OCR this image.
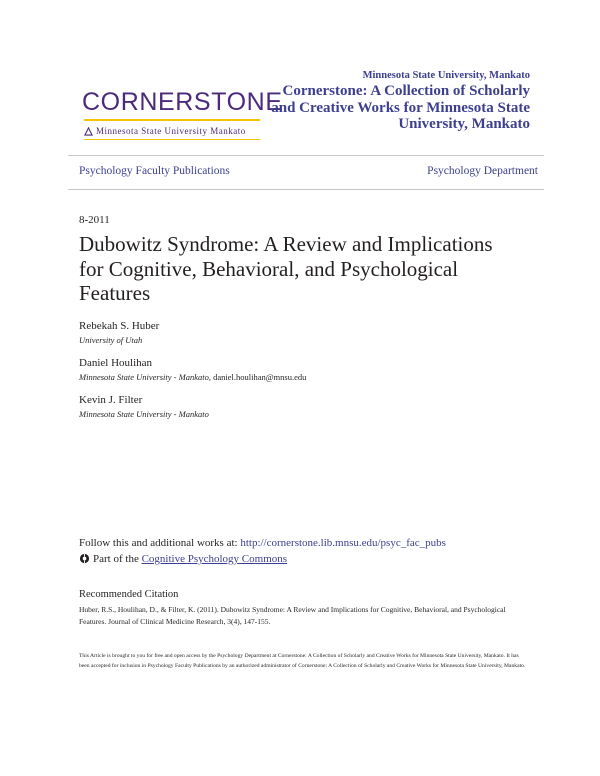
CORNERSTONE
Minnesota State University Mankato
Minnesota State University, Mankato
Cornerstone: A Collection of Scholarly and Creative Works for Minnesota State University, Mankato
Psychology Faculty Publications	Psychology Department
8-2011
Dubowitz Syndrome: A Review and Implications for Cognitive, Behavioral, and Psychological Features
Rebekah S. Huber
University of Utah
Daniel Houlihan
Minnesota State University - Mankato, daniel.houlihan@mnsu.edu
Kevin J. Filter
Minnesota State University - Mankato
Follow this and additional works at: http://cornerstone.lib.mnsu.edu/psyc_fac_pubs
Part of the Cognitive Psychology Commons
Recommended Citation
Huber, R.S., Houlihan, D., & Filter, K. (2011). Dubowitz Syndrome: A Review and Implications for Cognitive, Behavioral, and Psychological Features. Journal of Clinical Medicine Research, 3(4), 147-155.
This Article is brought to you for free and open access by the Psychology Department at Cornerstone: A Collection of Scholarly and Creative Works for Minnesota State University, Mankato. It has been accepted for inclusion in Psychology Faculty Publications by an authorized administrator of Cornerstone: A Collection of Scholarly and Creative Works for Minnesota State University, Mankato.
